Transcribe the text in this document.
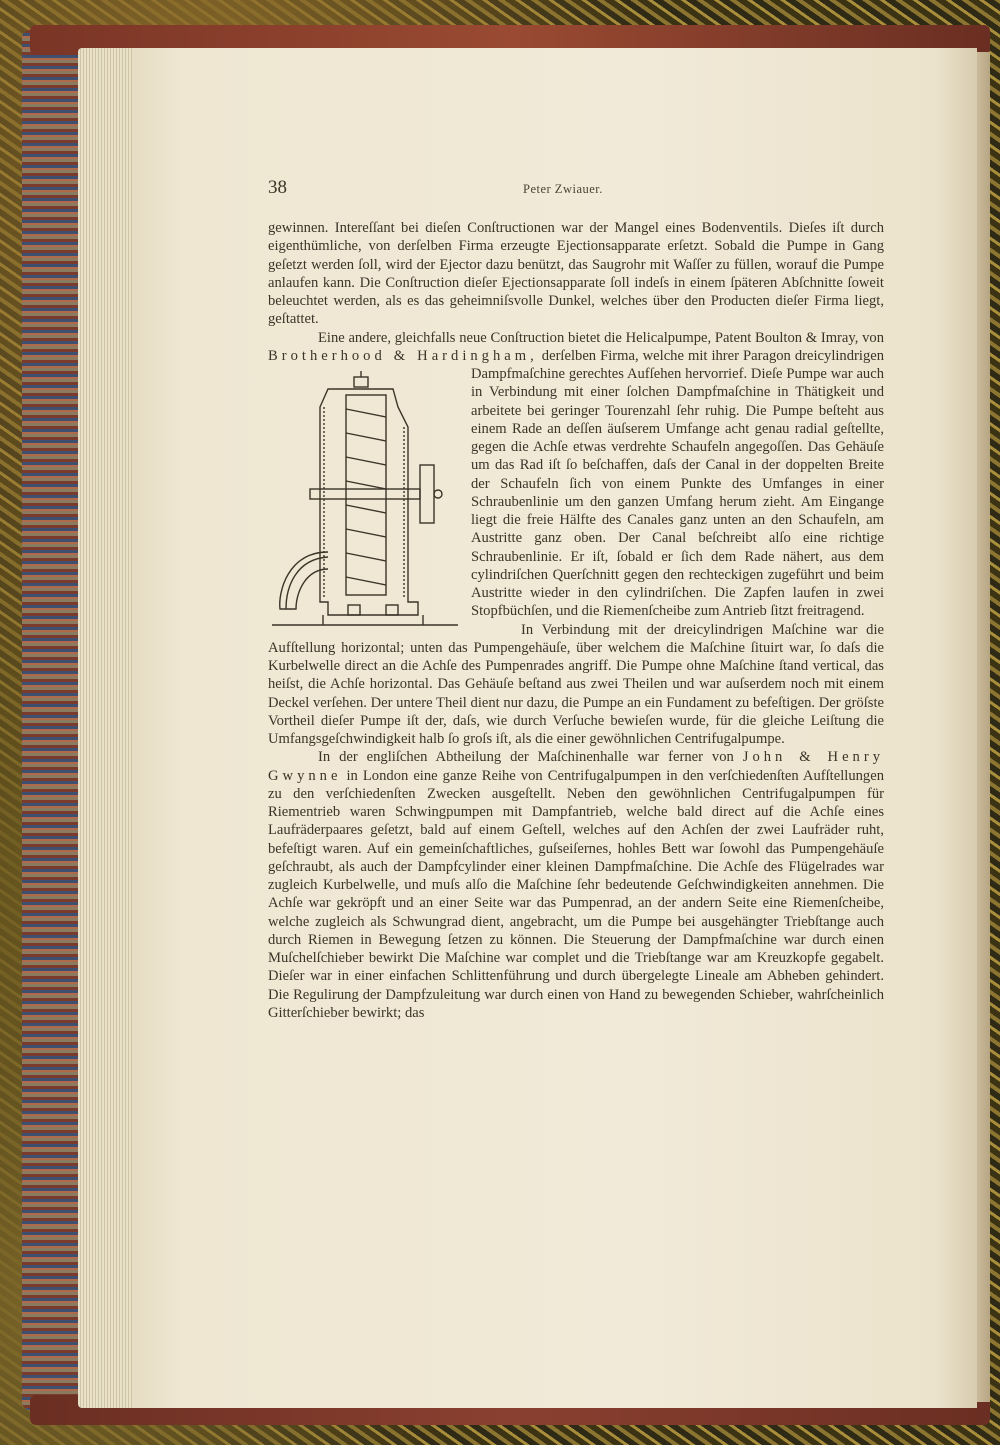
38	Peter Zwiauer.

gewinnen. Intereſſant bei dieſen Conſtructionen war der Mangel eines Bodenventils. Dieſes iſt durch eigenthümliche, von derſelben Firma erzeugte Ejectionsapparate erſetzt. Sobald die Pumpe in Gang geſetzt werden ſoll, wird der Ejector dazu benützt, das Saugrohr mit Waſſer zu füllen, worauf die Pumpe anlaufen kann. Die Conſtruction dieſer Ejectionsapparate ſoll indeſs in einem ſpäteren Abſchnitte ſoweit beleuchtet werden, als es das geheimniſsvolle Dunkel, welches über den Producten dieſer Firma liegt, geſtattet.

Eine andere, gleichfalls neue Conſtruction bietet die Helicalpumpe, Patent Boulton & Imray, von Brotherhood & Hardingham, derſelben Firma, welche mit ihrer Paragon dreicylindrigen Dampfmaſchine gerechtes Aufſehen hervorrief. Dieſe Pumpe war auch in Verbindung mit einer ſolchen Dampfmaſchine in Thätigkeit und arbeitete bei geringer Tourenzahl ſehr ruhig. Die Pumpe beſteht aus einem Rade an deſſen äuſserem Umfange acht genau radial geſtellte, gegen die Achſe etwas verdrehte Schaufeln angegoſſen. Das Gehäuſe um das Rad iſt ſo beſchaffen, daſs der Canal in der doppelten Breite der Schaufeln ſich von einem Punkte des Umfanges in einer Schraubenlinie um den ganzen Umfang herum zieht. Am Eingange liegt die freie Hälfte des Canales ganz unten an den Schaufeln, am Austritte ganz oben. Der Canal beſchreibt alſo eine richtige Schraubenlinie. Er iſt, ſobald er ſich dem Rade nähert, aus dem cylindriſchen Querſchnitt gegen den rechteckigen zugeführt und beim Austritte wieder in den cylindriſchen. Die Zapfen laufen in zwei Stopfbüchſen, und die Riemenſcheibe zum Antrieb ſitzt freitragend.

In Verbindung mit der dreicylindrigen Maſchine war die Aufſtellung horizontal; unten das Pumpengehäuſe, über welchem die Maſchine ſituirt war, ſo daſs die Kurbelwelle direct an die Achſe des Pumpenrades angriff. Die Pumpe ohne Maſchine ſtand vertical, das heiſst, die Achſe horizontal. Das Gehäuſe beſtand aus zwei Theilen und war auſserdem noch mit einem Deckel verſehen. Der untere Theil dient nur dazu, die Pumpe an ein Fundament zu befeſtigen. Der gröſste Vortheil dieſer Pumpe iſt der, daſs, wie durch Verſuche bewieſen wurde, für die gleiche Leiſtung die Umfangsgeſchwindigkeit halb ſo groſs iſt, als die einer gewöhnlichen Centrifugalpumpe.

In der engliſchen Abtheilung der Maſchinenhalle war ferner von John & Henry Gwynne in London eine ganze Reihe von Centrifugalpumpen in den verſchiedenſten Aufſtellungen zu den verſchiedenſten Zwecken ausgeſtellt. Neben den gewöhnlichen Centrifugalpumpen für Riementrieb waren Schwingpumpen mit Dampfantrieb, welche bald direct auf die Achſe eines Laufräderpaares geſetzt, bald auf einem Geſtell, welches auf den Achſen der zwei Laufräder ruht, befeſtigt waren. Auf ein gemeinſchaftliches, guſseiſernes, hohles Bett war ſowohl das Pumpengehäuſe geſchraubt, als auch der Dampfcylinder einer kleinen Dampfmaſchine. Die Achſe des Flügelrades war zugleich Kurbelwelle, und muſs alſo die Maſchine ſehr bedeutende Geſchwindigkeiten annehmen. Die Achſe war gekröpft und an einer Seite war das Pumpenrad, an der andern Seite eine Riemenſcheibe, welche zugleich als Schwungrad dient, angebracht, um die Pumpe bei ausgehängter Triebſtange auch durch Riemen in Bewegung ſetzen zu können. Die Steuerung der Dampfmaſchine war durch einen Muſchelſchieber bewirkt Die Maſchine war complet und die Triebſtange war am Kreuzkopfe gegabelt. Dieſer war in einer einfachen Schlittenführung und durch übergelegte Lineale am Abheben gehindert. Die Regulirung der Dampfzuleitung war durch einen von Hand zu bewegenden Schieber, wahrſcheinlich Gitterſchieber bewirkt; das
